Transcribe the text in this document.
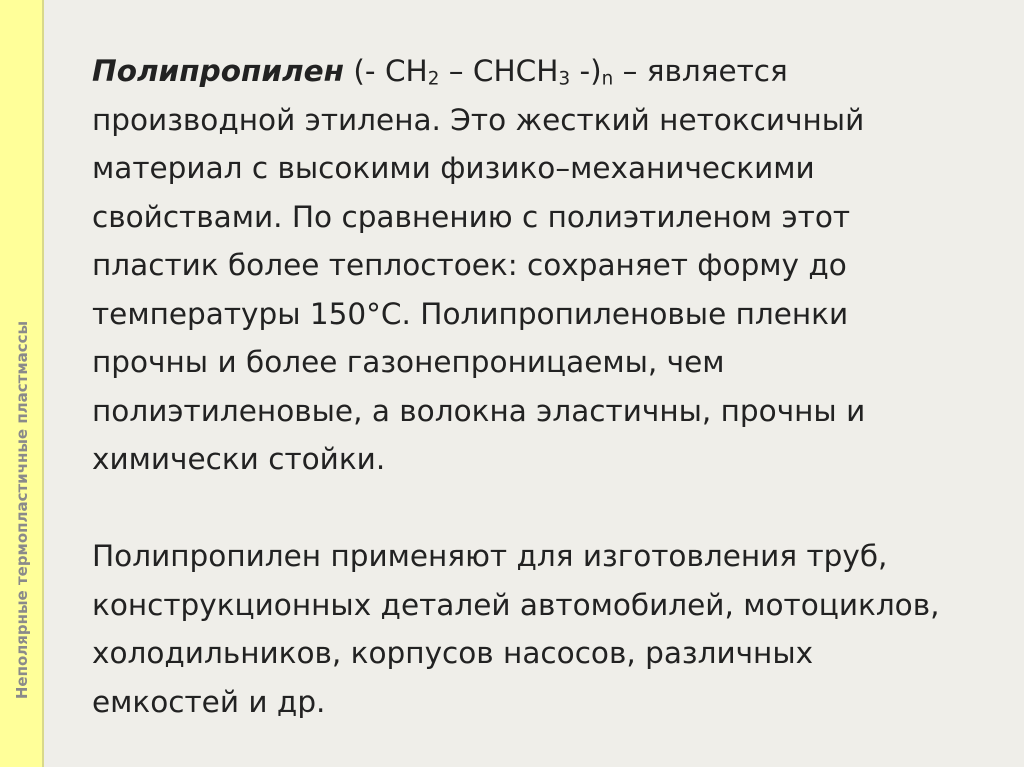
Неполярные термопластичные пластмассы
Полипропилен (- $CH_2$ – $CHCH_3$ $-)_n$ – является
производной этилена. Это жесткий нетоксичный
материал с высокими физико–механическими
свойствами. По сравнению с полиэтиленом этот
пластик более теплостоек: сохраняет форму до
температуры 150°С. Полипропиленовые пленки
прочны и более газонепроницаемы, чем
полиэтиленовые, а волокна эластичны, прочны и
химически стойки.
Полипропилен применяют для изготовления труб,
конструкционных деталей автомобилей, мотоциклов,
холодильников, корпусов насосов, различных
емкостей и др.
